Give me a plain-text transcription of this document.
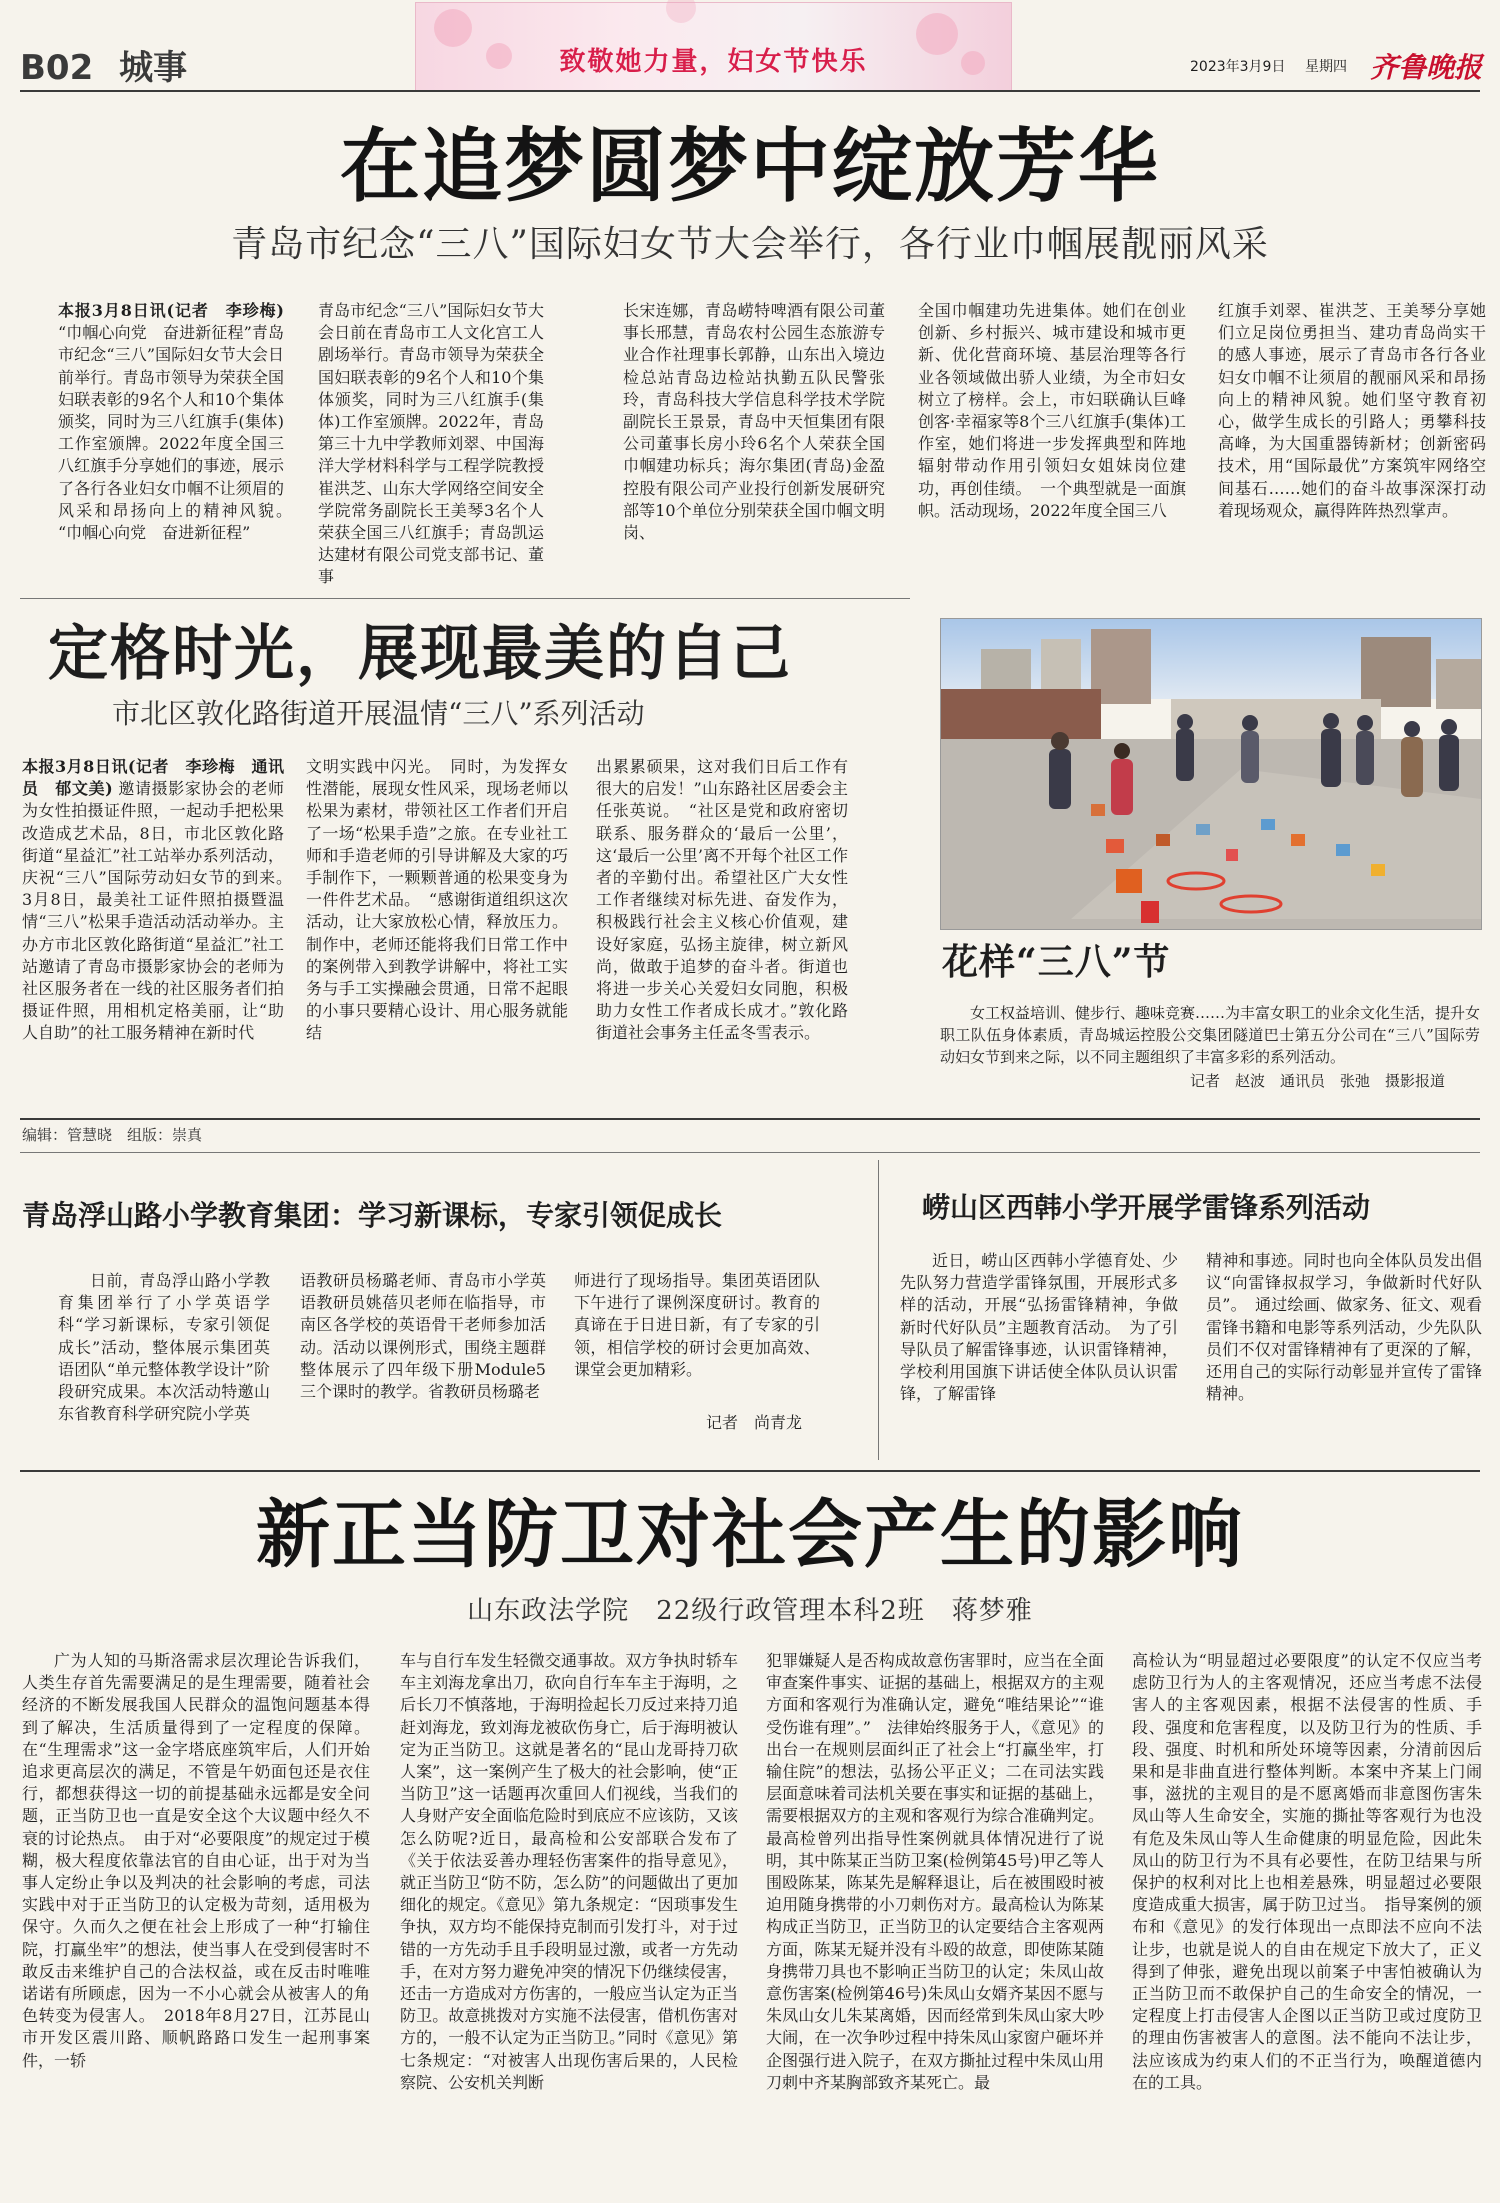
B02 城事	致敬她力量，妇女节快乐	2023年3月9日 星期四 齐鲁晚报
在追梦圆梦中绽放芳华
青岛市纪念“三八”国际妇女节大会举行，各行业巾帼展靓丽风采
本报3月8日讯(记者　李珍梅) “巾帼心向党　奋进新征程”青岛市纪念“三八”国际妇女节大会日前举行。青岛市领导为荣获全国妇联表彰的9名个人和10个集体颁奖，同时为三八红旗手(集体)工作室颁牌。2022年度全国三八红旗手分享她们的事迹，展示了各行各业妇女巾帼不让须眉的风采和昂扬向上的精神风貌。　“巾帼心向党　奋进新征程”
青岛市纪念“三八”国际妇女节大会日前在青岛市工人文化宫工人剧场举行。青岛市领导为荣获全国妇联表彰的9名个人和10个集体颁奖，同时为三八红旗手(集体)工作室颁牌。2022年，青岛第三十九中学教师刘翠、中国海洋大学材料科学与工程学院教授崔洪芝、山东大学网络空间安全学院常务副院长王美琴3名个人荣获全国三八红旗手；青岛凯运达建材有限公司党支部书记、董事
长宋连娜，青岛崂特啤酒有限公司董事长邢慧，青岛农村公园生态旅游专业合作社理事长郭静，山东出入境边检总站青岛边检站执勤五队民警张玲，青岛科技大学信息科学技术学院副院长王景景，青岛中天恒集团有限公司董事长房小玲6名个人荣获全国巾帼建功标兵；海尔集团(青岛)金盈控股有限公司产业投行创新发展研究部等10个单位分别荣获全国巾帼文明岗、
全国巾帼建功先进集体。她们在创业创新、乡村振兴、城市建设和城市更新、优化营商环境、基层治理等各行业各领域做出骄人业绩，为全市妇女树立了榜样。会上，市妇联确认巨峰创客·幸福家等8个三八红旗手(集体)工作室，她们将进一步发挥典型和阵地辐射带动作用引领妇女姐妹岗位建功，再创佳绩。　一个典型就是一面旗帜。活动现场，2022年度全国三八
红旗手刘翠、崔洪芝、王美琴分享她们立足岗位勇担当、建功青岛尚实干的感人事迹，展示了青岛市各行各业妇女巾帼不让须眉的靓丽风采和昂扬向上的精神风貌。她们坚守教育初心，做学生成长的引路人；勇攀科技高峰，为大国重器铸新材；创新密码技术，用“国际最优”方案筑牢网络空间基石……她们的奋斗故事深深打动着现场观众，赢得阵阵热烈掌声。
定格时光，展现最美的自己
市北区敦化路街道开展温情“三八”系列活动
本报3月8日讯(记者　李珍梅　通讯员　郁文美) 邀请摄影家协会的老师为女性拍摄证件照，一起动手把松果改造成艺术品，8日，市北区敦化路街道“星益汇”社工站举办系列活动，庆祝“三八”国际劳动妇女节的到来。　3月8日，最美社工证件照拍摄暨温情“三八”松果手造活动活动举办。主办方市北区敦化路街道“星益汇”社工站邀请了青岛市摄影家协会的老师为社区服务者在一线的社区服务者们拍摄证件照，用相机定格美丽，让“助人自助”的社工服务精神在新时代
文明实践中闪光。　同时，为发挥女性潜能，展现女性风采，现场老师以松果为素材，带领社区工作者们开启了一场“松果手造”之旅。在专业社工师和手造老师的引导讲解及大家的巧手制作下，一颗颗普通的松果变身为一件件艺术品。　“感谢街道组织这次活动，让大家放松心情，释放压力。制作中，老师还能将我们日常工作中的案例带入到教学讲解中，将社工实务与手工实操融会贯通，日常不起眼的小事只要精心设计、用心服务就能结
出累累硕果，这对我们日后工作有很大的启发！”山东路社区居委会主任张英说。　“社区是党和政府密切联系、服务群众的‘最后一公里’，这‘最后一公里’离不开每个社区工作者的辛勤付出。希望社区广大女性工作者继续对标先进、奋发作为，积极践行社会主义核心价值观，建设好家庭，弘扬主旋律，树立新风尚，做敢于追梦的奋斗者。街道也将进一步关心关爱妇女同胞，积极助力女性工作者成长成才。”敦化路街道社会事务主任孟冬雪表示。
花样“三八”节
女工权益培训、健步行、趣味竞赛……为丰富女职工的业余文化生活，提升女职工队伍身体素质，青岛城运控股公交集团隧道巴士第五分公司在“三八”国际劳动妇女节到来之际，以不同主题组织了丰富多彩的系列活动。
记者　赵波　通讯员　张弛　摄影报道
编辑：管慧晓　组版：崇真
青岛浮山路小学教育集团：学习新课标，专家引领促成长
日前，青岛浮山路小学教育集团举行了小学英语学科“学习新课标，专家引领促成长”活动，整体展示集团英语团队“单元整体教学设计”阶段研究成果。本次活动特邀山东省教育科学研究院小学英
语教研员杨璐老师、青岛市小学英语教研员姚蓓贝老师在临指导，市南区各学校的英语骨干老师参加活动。活动以课例形式，围绕主题群整体展示了四年级下册Module5三个课时的教学。省教研员杨璐老
师进行了现场指导。集团英语团队下午进行了课例深度研讨。教育的真谛在于日进日新，有了专家的引领，相信学校的研讨会更加高效、课堂会更加精彩。
记者　尚青龙
崂山区西韩小学开展学雷锋系列活动
近日，崂山区西韩小学德育处、少先队努力营造学雷锋氛围，开展形式多样的活动，开展“弘扬雷锋精神，争做新时代好队员”主题教育活动。　为了引导队员了解雷锋事迹，认识雷锋精神，学校利用国旗下讲话使全体队员认识雷锋，了解雷锋
精神和事迹。同时也向全体队员发出倡议“向雷锋叔叔学习，争做新时代好队员”。　通过绘画、做家务、征文、观看雷锋书籍和电影等系列活动，少先队队员们不仅对雷锋精神有了更深的了解，还用自己的实际行动彰显并宣传了雷锋精神。
新正当防卫对社会产生的影响
山东政法学院　22级行政管理本科2班　蒋梦雅
广为人知的马斯洛需求层次理论告诉我们，人类生存首先需要满足的是生理需要，随着社会经济的不断发展我国人民群众的温饱问题基本得到了解决，生活质量得到了一定程度的保障。在“生理需求”这一金字塔底座筑牢后，人们开始追求更高层次的满足，不管是午奶面包还是衣住行，都想获得这一切的前提基础永远都是安全问题，正当防卫也一直是安全这个大议题中经久不衰的讨论热点。　由于对“必要限度”的规定过于模糊，极大程度依靠法官的自由心证，出于对为当事人定纷止争以及判决的社会影响的考虑，司法实践中对于正当防卫的认定极为苛刻，适用极为保守。久而久之便在社会上形成了一种“打输住院，打赢坐牢”的想法，使当事人在受到侵害时不敢反击来维护自己的合法权益，或在反击时唯唯诺诺有所顾虑，因为一不小心就会从被害人的角色转变为侵害人。　2018年8月27日，江苏昆山市开发区震川路、顺帆路路口发生一起刑事案件，一轿
车与自行车发生轻微交通事故。双方争执时轿车车主刘海龙拿出刀，砍向自行车车主于海明，之后长刀不慎落地，于海明捡起长刀反过来持刀追赶刘海龙，致刘海龙被砍伤身亡，后于海明被认定为正当防卫。这就是著名的“昆山龙哥持刀砍人案”，这一案例产生了极大的社会影响，使“正当防卫”这一话题再次重回人们视线，当我们的人身财产安全面临危险时到底应不应该防，又该怎么防呢?近日，最高检和公安部联合发布了《关于依法妥善办理轻伤害案件的指导意见》，就正当防卫“防不防，怎么防”的问题做出了更加细化的规定。《意见》第九条规定：“因琐事发生争执，双方均不能保持克制而引发打斗，对于过错的一方先动手且手段明显过激，或者一方先动手，在对方努力避免冲突的情况下仍继续侵害，还击一方造成对方伤害的，一般应当认定为正当防卫。故意挑拨对方实施不法侵害，借机伤害对方的，一般不认定为正当防卫。”同时《意见》第七条规定：“对被害人出现伤害后果的，人民检察院、公安机关判断
犯罪嫌疑人是否构成故意伤害罪时，应当在全面审查案件事实、证据的基础上，根据双方的主观方面和客观行为准确认定，避免“唯结果论”“谁受伤谁有理”。”　法律始终服务于人，《意见》的出台一在规则层面纠正了社会上“打赢坐牢，打输住院”的想法，弘扬公平正义；二在司法实践层面意味着司法机关要在事实和证据的基础上，需要根据双方的主观和客观行为综合准确判定。最高检曾列出指导性案例就具体情况进行了说明，其中陈某正当防卫案(检例第45号)甲乙等人围殴陈某，陈某先是解释退让，后在被围殴时被迫用随身携带的小刀刺伤对方。最高检认为陈某构成正当防卫，正当防卫的认定要结合主客观两方面，陈某无疑并没有斗殴的故意，即使陈某随身携带刀具也不影响正当防卫的认定；朱凤山故意伤害案(检例第46号)朱凤山女婿齐某因不愿与朱凤山女儿朱某离婚，因而经常到朱凤山家大吵大闹，在一次争吵过程中持朱凤山家窗户砸坏并企图强行进入院子，在双方撕扯过程中朱凤山用刀刺中齐某胸部致齐某死亡。最
高检认为“明显超过必要限度”的认定不仅应当考虑防卫行为人的主客观情况，还应当考虑不法侵害人的主客观因素，根据不法侵害的性质、手段、强度和危害程度，以及防卫行为的性质、手段、强度、时机和所处环境等因素，分清前因后果和是非曲直进行整体判断。本案中齐某上门闹事，滋扰的主观目的是不愿离婚而非意图伤害朱凤山等人生命安全，实施的撕扯等客观行为也没有危及朱凤山等人生命健康的明显危险，因此朱凤山的防卫行为不具有必要性，在防卫结果与所保护的权利对比上也相差悬殊，明显超过必要限度造成重大损害，属于防卫过当。　指导案例的颁布和《意见》的发行体现出一点即法不应向不法让步，也就是说人的自由在规定下放大了，正义得到了伸张，避免出现以前案子中害怕被确认为正当防卫而不敢保护自己的生命安全的情况，一定程度上打击侵害人企图以正当防卫或过度防卫的理由伤害被害人的意图。法不能向不法让步，法应该成为约束人们的不正当行为，唤醒道德内在的工具。
